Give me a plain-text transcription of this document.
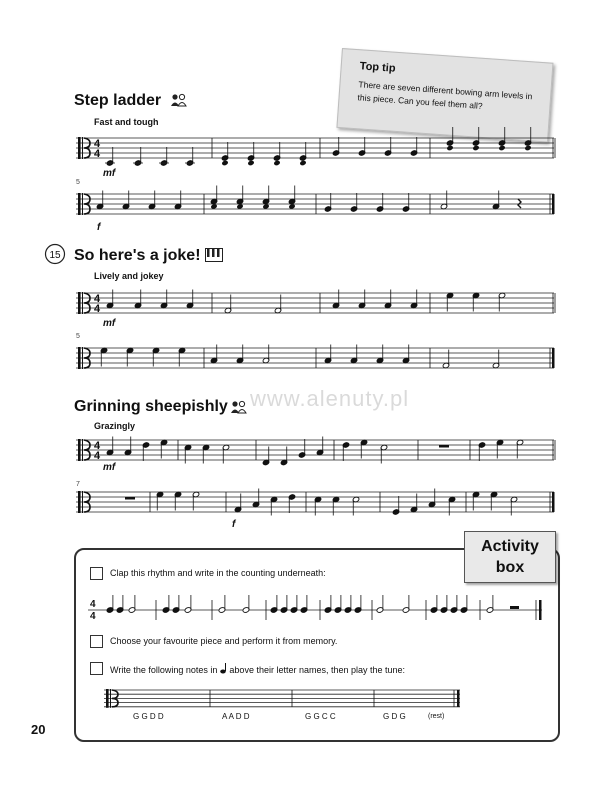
Top tip
There are seven different bowing arm levels in this piece. Can you feel them all?
Step ladder
Fast and tough
5
15 So here's a joke!
Lively and jokey
5
www.alenuty.pl
Grinning sheepishly
Grazingly
7
4
4
mf
f
4
4
mf
4
4
mf
f
Activity
box
Clap this rhythm and write in the counting underneath:
4
4
Choose your favourite piece and perform it from memory.
Write the following notes in above their letter names, then play the tune:
G G D D	A A D D	G G C C	G D G	(rest)
20
